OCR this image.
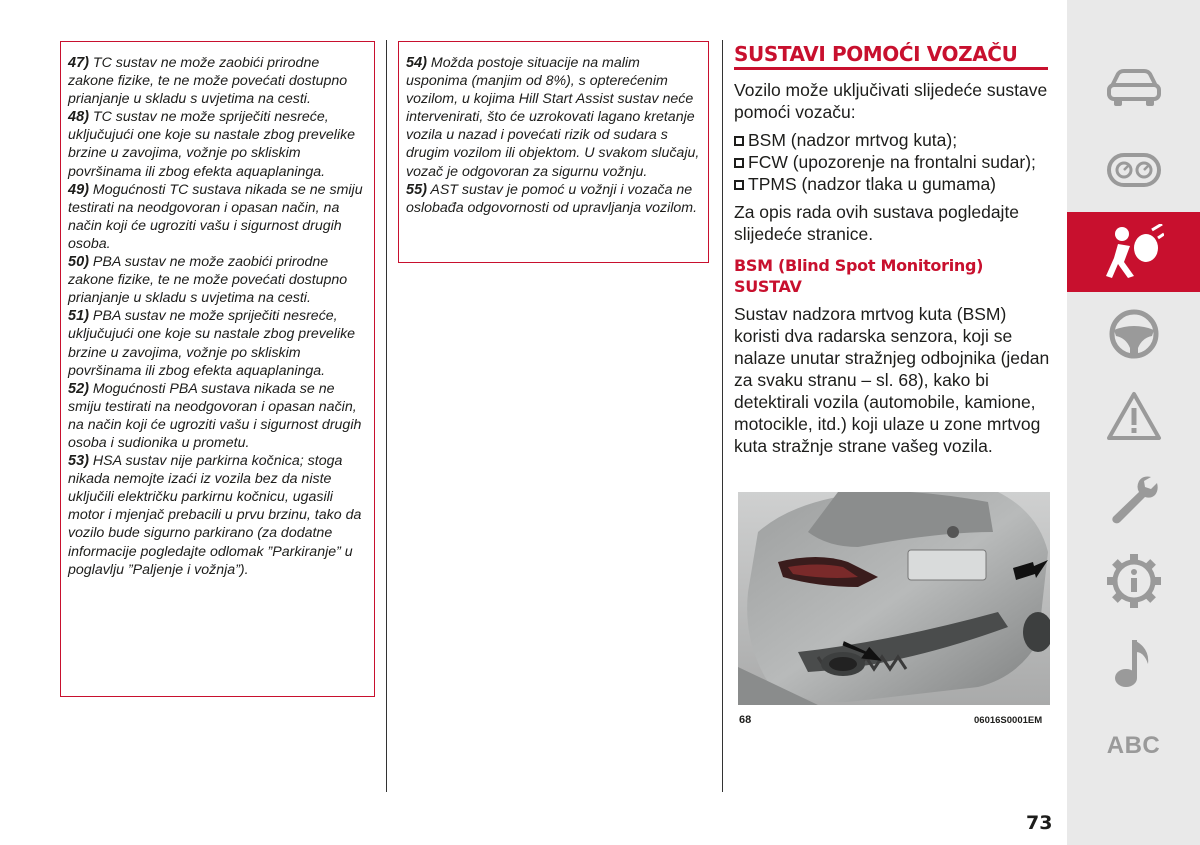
47) TC sustav ne može zaobići prirodne zakone fizike, te ne može povećati dostupno prianjanje u skladu s uvjetima na cesti.

48) TC sustav ne može spriječiti nesreće, uključujući one koje su nastale zbog prevelike brzine u zavojima, vožnje po skliskim površinama ili zbog efekta aquaplaninga.

49) Mogućnosti TC sustava nikada se ne smiju testirati na neodgovoran i opasan način, na način koji će ugroziti vašu i sigurnost drugih osoba.

50) PBA sustav ne može zaobići prirodne zakone fizike, te ne može povećati dostupno prianjanje u skladu s uvjetima na cesti.

51) PBA sustav ne može spriječiti nesreće, uključujući one koje su nastale zbog prevelike brzine u zavojima, vožnje po skliskim površinama ili zbog efekta aquaplaninga.

52) Mogućnosti PBA sustava nikada se ne smiju testirati na neodgovoran i opasan način, na način koji će ugroziti vašu i sigurnost drugih osoba i sudionika u prometu.

53) HSA sustav nije parkirna kočnica; stoga nikada nemojte izaći iz vozila bez da niste uključili električku parkirnu kočnicu, ugasili motor i mjenjač prebacili u prvu brzinu, tako da vozilo bude sigurno parkirano (za dodatne informacije pogledajte odlomak ”Parkiranje” u poglavlju ”Paljenje i vožnja”).

54) Možda postoje situacije na malim usponima (manjim od 8%), s opterećenim vozilom, u kojima Hill Start Assist sustav neće intervenirati, što će uzrokovati lagano kretanje vozila u nazad i povećati rizik od sudara s drugim vozilom ili objektom. U svakom slučaju, vozač je odgovoran za sigurnu vožnju.

55) AST sustav je pomoć u vožnji i vozača ne oslobađa odgovornosti od upravljanja vozilom.

SUSTAVI POMOĆI VOZAČU

Vozilo može uključivati slijedeće sustave pomoći vozaču:

BSM (nadzor mrtvog kuta);
FCW (upozorenje na frontalni sudar);
TPMS (nadzor tlaka u gumama)

Za opis rada ovih sustava pogledajte slijedeće stranice.

BSM (Blind Spot Monitoring) SUSTAV

Sustav nadzora mrtvog kuta (BSM) koristi dva radarska senzora, koji se nalaze unutar stražnjeg odbojnika (jedan za svaku stranu – sl. 68), kako bi detektirali vozila (automobile, kamione, motocikle, itd.) koji ulaze u zone mrtvog kuta stražnje strane vašeg vozila.

68	06016S0001EM
ABC
73
